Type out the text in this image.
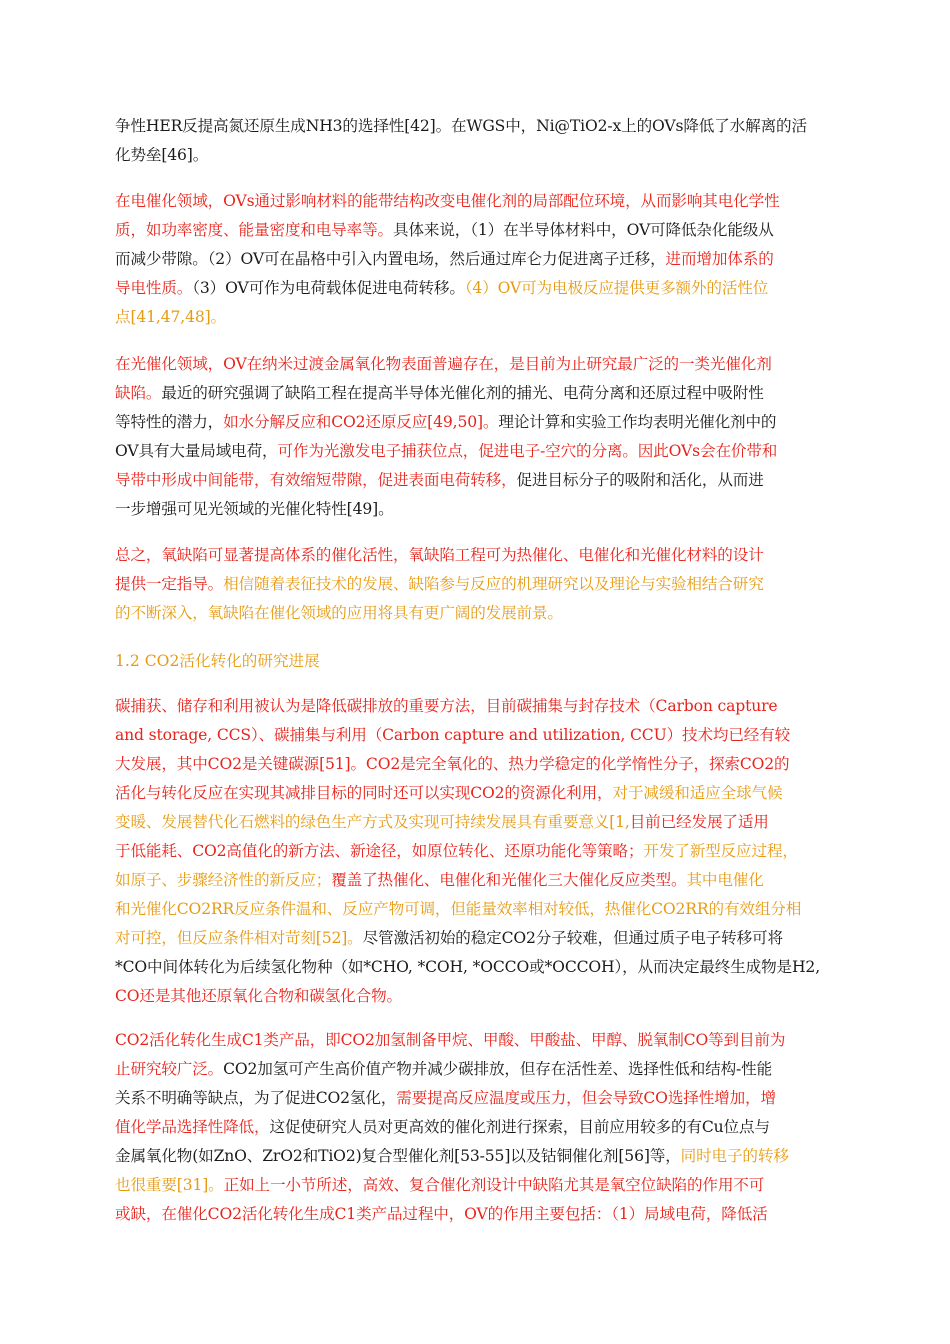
争性HER反提高氮还原生成NH3的选择性[42]。在WGS中，Ni@TiO2-x上的OVs降低了水解离的活
化势垒[46]。
在电催化领域，OVs通过影响材料的能带结构改变电催化剂的局部配位环境，从而影响其电化学性
质，如功率密度、能量密度和电导率等。具体来说，（1）在半导体材料中，OV可降低杂化能级从
而减少带隙。（2）OV可在晶格中引入内置电场，然后通过库仑力促进离子迁移，进而增加体系的
导电性质。（3）OV可作为电荷载体促进电荷转移。（4）OV可为电极反应提供更多额外的活性位
点[41,47,48]。
在光催化领域，OV在纳米过渡金属氧化物表面普遍存在，是目前为止研究最广泛的一类光催化剂
缺陷。最近的研究强调了缺陷工程在提高半导体光催化剂的捕光、电荷分离和还原过程中吸附性
等特性的潜力，如水分解反应和CO2还原反应[49,50]。理论计算和实验工作均表明光催化剂中的
OV具有大量局域电荷，可作为光激发电子捕获位点，促进电子-空穴的分离。因此OVs会在价带和
导带中形成中间能带，有效缩短带隙，促进表面电荷转移，促进目标分子的吸附和活化，从而进
一步增强可见光领域的光催化特性[49]。
总之，氧缺陷可显著提高体系的催化活性，氧缺陷工程可为热催化、电催化和光催化材料的设计
提供一定指导。相信随着表征技术的发展、缺陷参与反应的机理研究以及理论与实验相结合研究
的不断深入，氧缺陷在催化领域的应用将具有更广阔的发展前景。
1.2 CO2活化转化的研究进展
碳捕获、储存和利用被认为是降低碳排放的重要方法，目前碳捕集与封存技术（Carbon capture
and storage, CCS）、碳捕集与利用（Carbon capture and utilization, CCU）技术均已经有较
大发展，其中CO2是关键碳源[51]。CO2是完全氧化的、热力学稳定的化学惰性分子，探索CO2的
活化与转化反应在实现其减排目标的同时还可以实现CO2的资源化利用，对于减缓和适应全球气候
变暖、发展替代化石燃料的绿色生产方式及实现可持续发展具有重要意义[1,目前已经发展了适用
于低能耗、CO2高值化的新方法、新途径，如原位转化、还原功能化等策略；开发了新型反应过程，
如原子、步骤经济性的新反应；覆盖了热催化、电催化和光催化三大催化反应类型。其中电催化
和光催化CO2RR反应条件温和、反应产物可调，但能量效率相对较低，热催化CO2RR的有效组分相
对可控，但反应条件相对苛刻[52]。尽管激活初始的稳定CO2分子较难，但通过质子电子转移可将
*CO中间体转化为后续氢化物种（如*CHO, *COH, *OCCO或*OCCOH），从而决定最终生成物是H2,
CO还是其他还原氧化合物和碳氢化合物。
CO2活化转化生成C1类产品，即CO2加氢制备甲烷、甲酸、甲酸盐、甲醇、脱氧制CO等到目前为
止研究较广泛。CO2加氢可产生高价值产物并减少碳排放，但存在活性差、选择性低和结构-性能
关系不明确等缺点，为了促进CO2氢化，需要提高反应温度或压力，但会导致CO选择性增加，增
值化学品选择性降低，这促使研究人员对更高效的催化剂进行探索，目前应用较多的有Cu位点与
金属氧化物(如ZnO、ZrO2和TiO2)复合型催化剂[53-55]以及钴铜催化剂[56]等，同时电子的转移
也很重要[31]。正如上一小节所述，高效、复合催化剂设计中缺陷尤其是氧空位缺陷的作用不可
或缺，在催化CO2活化转化生成C1类产品过程中，OV的作用主要包括：（1）局域电荷，降低活
